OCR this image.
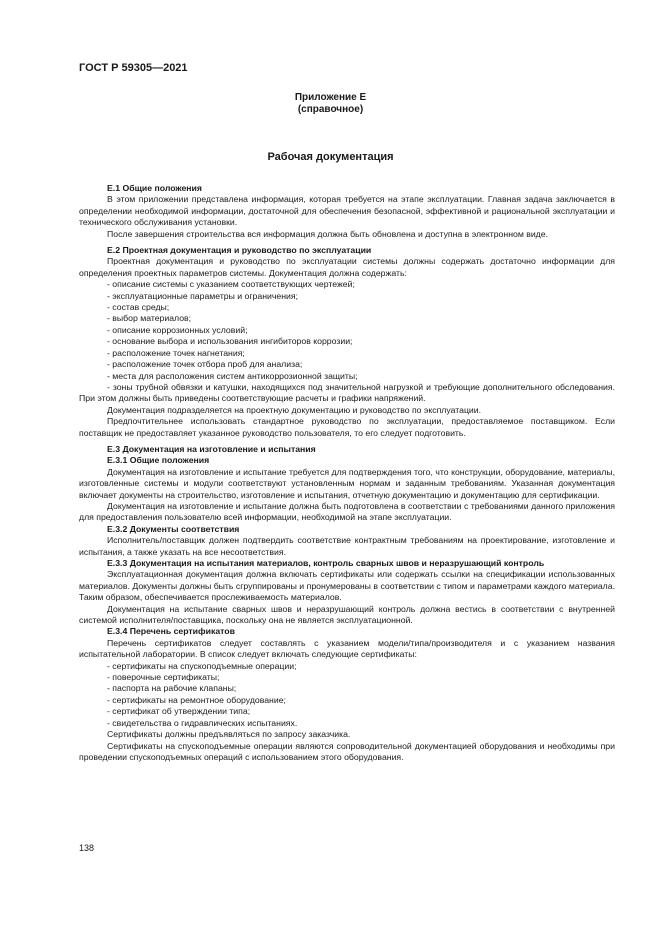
ГОСТ Р 59305—2021
Приложение Е
(справочное)
Рабочая документация

Е.1 Общие положения

В этом приложении представлена информация, которая требуется на этапе эксплуатации. Главная задача заключается в определении необходимой информации, достаточной для обеспечения безопасной, эффективной и рациональной эксплуатации и технического обслуживания установки.

После завершения строительства вся информация должна быть обновлена и доступна в электронном виде.

Е.2 Проектная документация и руководство по эксплуатации

Проектная документация и руководство по эксплуатации системы должны содержать достаточно информации для определения проектных параметров системы. Документация должна содержать:

- описание системы с указанием соответствующих чертежей;

- эксплуатационные параметры и ограничения;

- состав среды;

- выбор материалов;

- описание коррозионных условий;

- основание выбора и использования ингибиторов коррозии;

- расположение точек нагнетания;

- расположение точек отбора проб для анализа;

- места для расположения систем антикоррозионной защиты;

- зоны трубной обвязки и катушки, находящихся под значительной нагрузкой и требующие дополнительного обследования. При этом должны быть приведены соответствующие расчеты и графики напряжений.

Документация подразделяется на проектную документацию и руководство по эксплуатации.

Предпочтительнее использовать стандартное руководство по эксплуатации, предоставляемое поставщиком. Если поставщик не предоставляет указанное руководство пользователя, то его следует подготовить.

Е.3 Документация на изготовление и испытания

Е.3.1 Общие положения

Документация на изготовление и испытание требуется для подтверждения того, что конструкции, оборудование, материалы, изготовленные системы и модули соответствуют установленным нормам и заданным требованиям. Указанная документация включает документы на строительство, изготовление и испытания, отчетную документацию и документацию для сертификации.

Документация на изготовление и испытание должна быть подготовлена в соответствии с требованиями данного приложения для предоставления пользователю всей информации, необходимой на этапе эксплуатации.

Е.3.2 Документы соответствия

Исполнитель/поставщик должен подтвердить соответствие контрактным требованиям на проектирование, изготовление и испытания, а также указать на все несоответствия.

Е.3.3 Документация на испытания материалов, контроль сварных швов и неразрушающий контроль

Эксплуатационная документация должна включать сертификаты или содержать ссылки на спецификации использованных материалов. Документы должны быть сгруппированы и пронумерованы в соответствии с типом и параметрами каждого материала. Таким образом, обеспечивается прослеживаемость материалов.

Документация на испытание сварных швов и неразрушающий контроль должна вестись в соответствии с внутренней системой исполнителя/поставщика, поскольку она не является эксплуатационной.

Е.3.4 Перечень сертификатов

Перечень сертификатов следует составлять с указанием модели/типа/производителя и с указанием названия испытательной лаборатории. В список следует включать следующие сертификаты:

- сертификаты на спускоподъемные операции;

- поверочные сертификаты;

- паспорта на рабочие клапаны;

- сертификаты на ремонтное оборудование;

- сертификат об утверждении типа;

- свидетельства о гидравлических испытаниях.

Сертификаты должны предъявляться по запросу заказчика.

Сертификаты на спускоподъемные операции являются сопроводительной документацией оборудования и необходимы при проведении спускоподъемных операций с использованием этого оборудования.

138
